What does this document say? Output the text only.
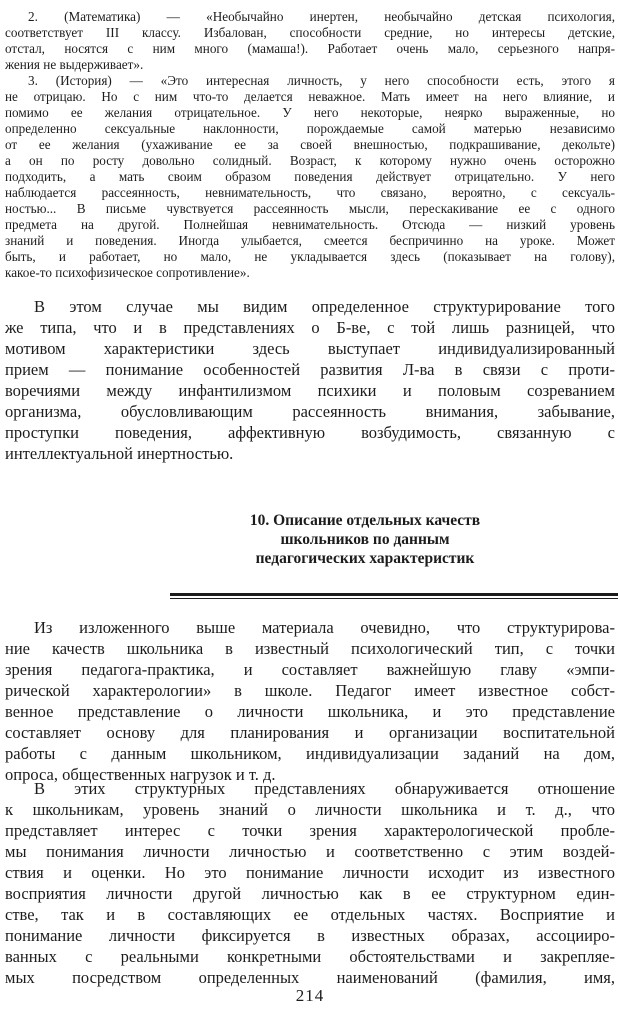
2. (Математика) — «Необычайно инертен, необычайно детская психология,
соответствует III классу. Избалован, способности средние, но интересы детские,
отстал, носятся с ним много (мамаша!). Работает очень мало, серьезного напря-
жения не выдерживает».
3. (История) — «Это интересная личность, у него способности есть, этого я
не отрицаю. Но с ним что-то делается неважное. Мать имеет на него влияние, и
помимо ее желания отрицательное. У него некоторые, неярко выраженные, но
определенно сексуальные наклонности, порождаемые самой матерью независимо
от ее желания (ухаживание ее за своей внешностью, подкрашивание, декольте)
а он по росту довольно солидный. Возраст, к которому нужно очень осторожно
подходить, а мать своим образом поведения действует отрицательно. У него
наблюдается рассеянность, невнимательность, что связано, вероятно, с сексуаль-
ностью... В письме чувствуется рассеянность мысли, перескакивание ее с одного
предмета на другой. Полнейшая невнимательность. Отсюда — низкий уровень
знаний и поведения. Иногда улыбается, смеется беспричинно на уроке. Может
быть, и работает, но мало, не укладывается здесь (показывает на голову),
какое-то психофизическое сопротивление».
В этом случае мы видим определенное структурирование того
же типа, что и в представлениях о Б-ве, с той лишь разницей, что
мотивом характеристики здесь выступает индивидуализированный
прием — понимание особенностей развития Л-ва в связи с проти-
воречиями между инфантилизмом психики и половым созреванием
организма, обусловливающим рассеянность внимания, забывание,
проступки поведения, аффективную возбудимость, связанную с
интеллектуальной инертностью.
10. Описание отдельных качеств
школьников по данным
педагогических характеристик
Из изложенного выше материала очевидно, что структурирова-
ние качеств школьника в известный психологический тип, с точки
зрения педагога-практика, и составляет важнейшую главу «эмпи-
рической характерологии» в школе. Педагог имеет известное собст-
венное представление о личности школьника, и это представление
составляет основу для планирования и организации воспитательной
работы с данным школьником, индивидуализации заданий на дом,
опроса, общественных нагрузок и т. д.
В этих структурных представлениях обнаруживается отношение
к школьникам, уровень знаний о личности школьника и т. д., что
представляет интерес с точки зрения характерологической пробле-
мы понимания личности личностью и соответственно с этим воздей-
ствия и оценки. Но это понимание личности исходит из известного
восприятия личности другой личностью как в ее структурном един-
стве, так и в составляющих ее отдельных частях. Восприятие и
понимание личности фиксируется в известных образах, ассоцииро-
ванных с реальными конкретными обстоятельствами и закрепляе-
мых посредством определенных наименований (фамилия, имя,
214
